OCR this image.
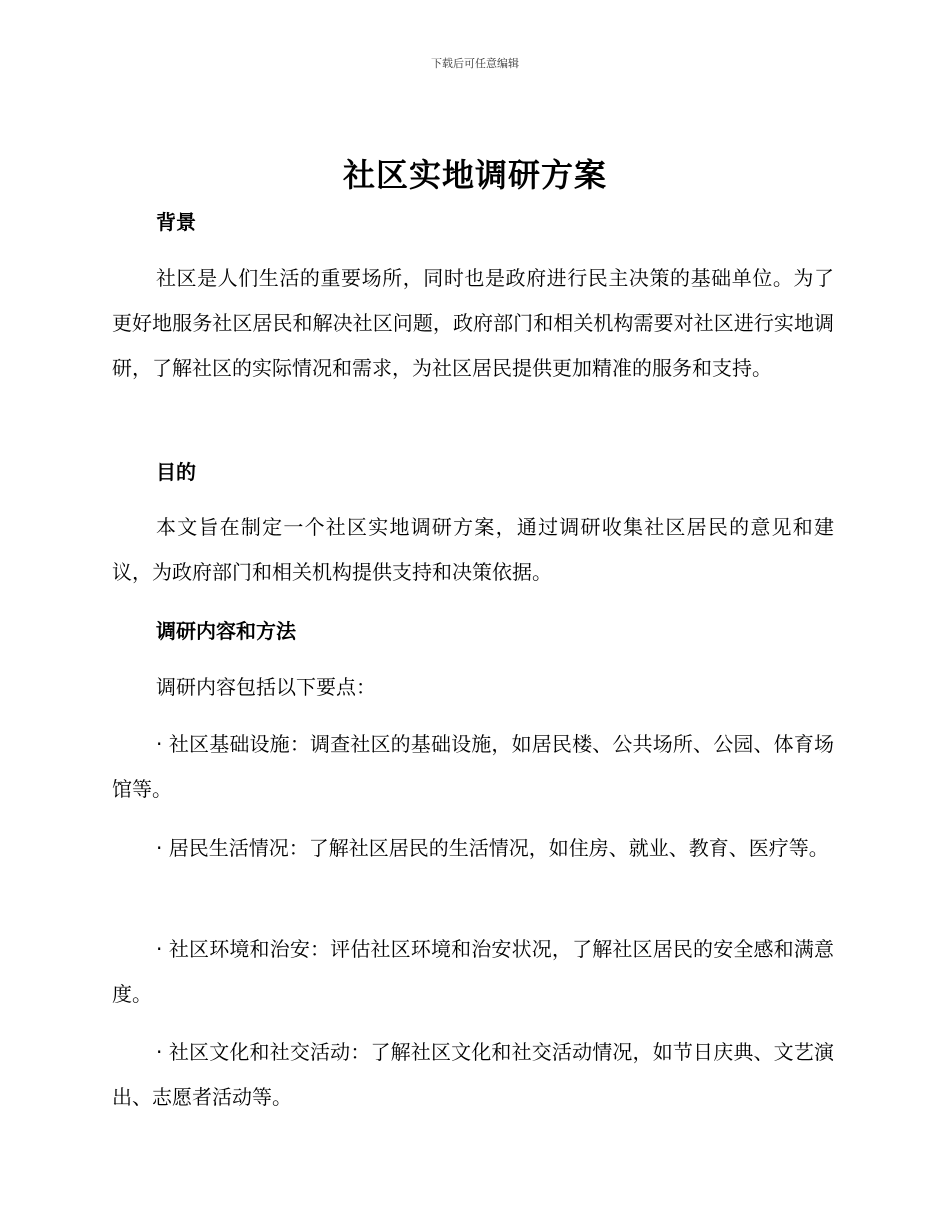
下载后可任意编辑
社区实地调研方案
背景
社区是人们生活的重要场所，同时也是政府进行民主决策的基础单位。为了更好地服务社区居民和解决社区问题，政府部门和相关机构需要对社区进行实地调研，了解社区的实际情况和需求，为社区居民提供更加精准的服务和支持。
目的
本文旨在制定一个社区实地调研方案，通过调研收集社区居民的意见和建议，为政府部门和相关机构提供支持和决策依据。
调研内容和方法
调研内容包括以下要点：
· 社区基础设施：调查社区的基础设施，如居民楼、公共场所、公园、体育场馆等。
· 居民生活情况：了解社区居民的生活情况，如住房、就业、教育、医疗等。
· 社区环境和治安：评估社区环境和治安状况，了解社区居民的安全感和满意度。
· 社区文化和社交活动：了解社区文化和社交活动情况，如节日庆典、文艺演出、志愿者活动等。
